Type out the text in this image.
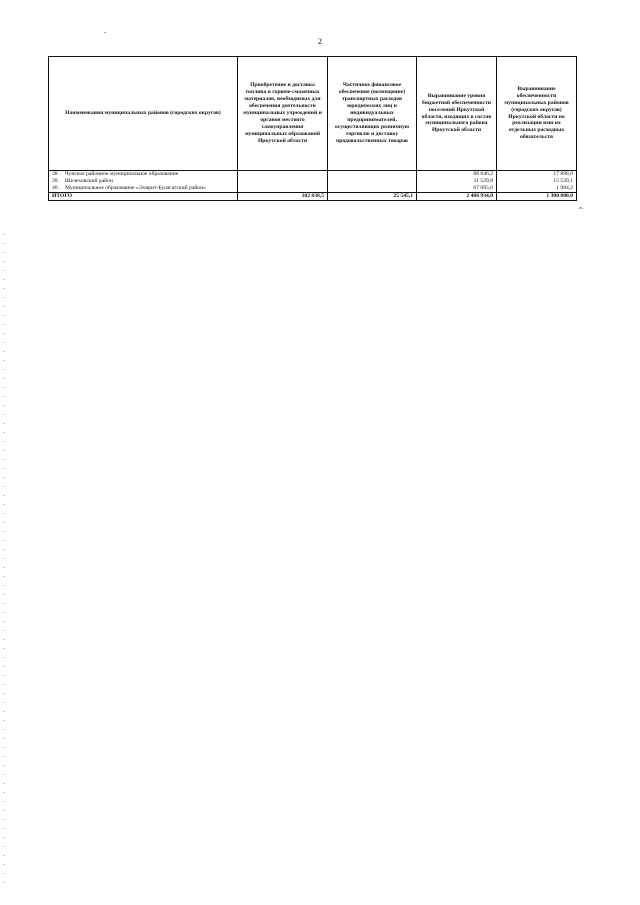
2
Наименования муниципальных районов (городских округов)	Приобретение и доставка топлива и горюче-смазочных материалов, необходимых для обеспечения деятельности муниципальных учреждений и органов местного самоуправления муниципальных образований Иркутской области	Частичное финансовое обеспечение (возмещение) транспортных расходов юридических лиц и индивидуальных предпринимателей, осуществляющих розничную торговлю и доставку продовольственных товаров	Выравнивание уровня бюджетной обеспеченности поселений Иркутской области, входящих в состав муниципального района Иркутской области	Выравнивание обеспеченности муниципальных районов (городских округов) Иркутской области по реализации ими их отдельных расходных обязательств
38 . Чунское районное муниципальное образование			88 046,2	17 898,0
39 . Шелеховский район			31 529,8	15 539,1
40 . Муниципальное образование «Эхирит-Булагатский район»			67 095,0	1 984,2
ИТОГО	102 838,5	25 545,1	2 486 934,0	1 300 000,0
».
-
